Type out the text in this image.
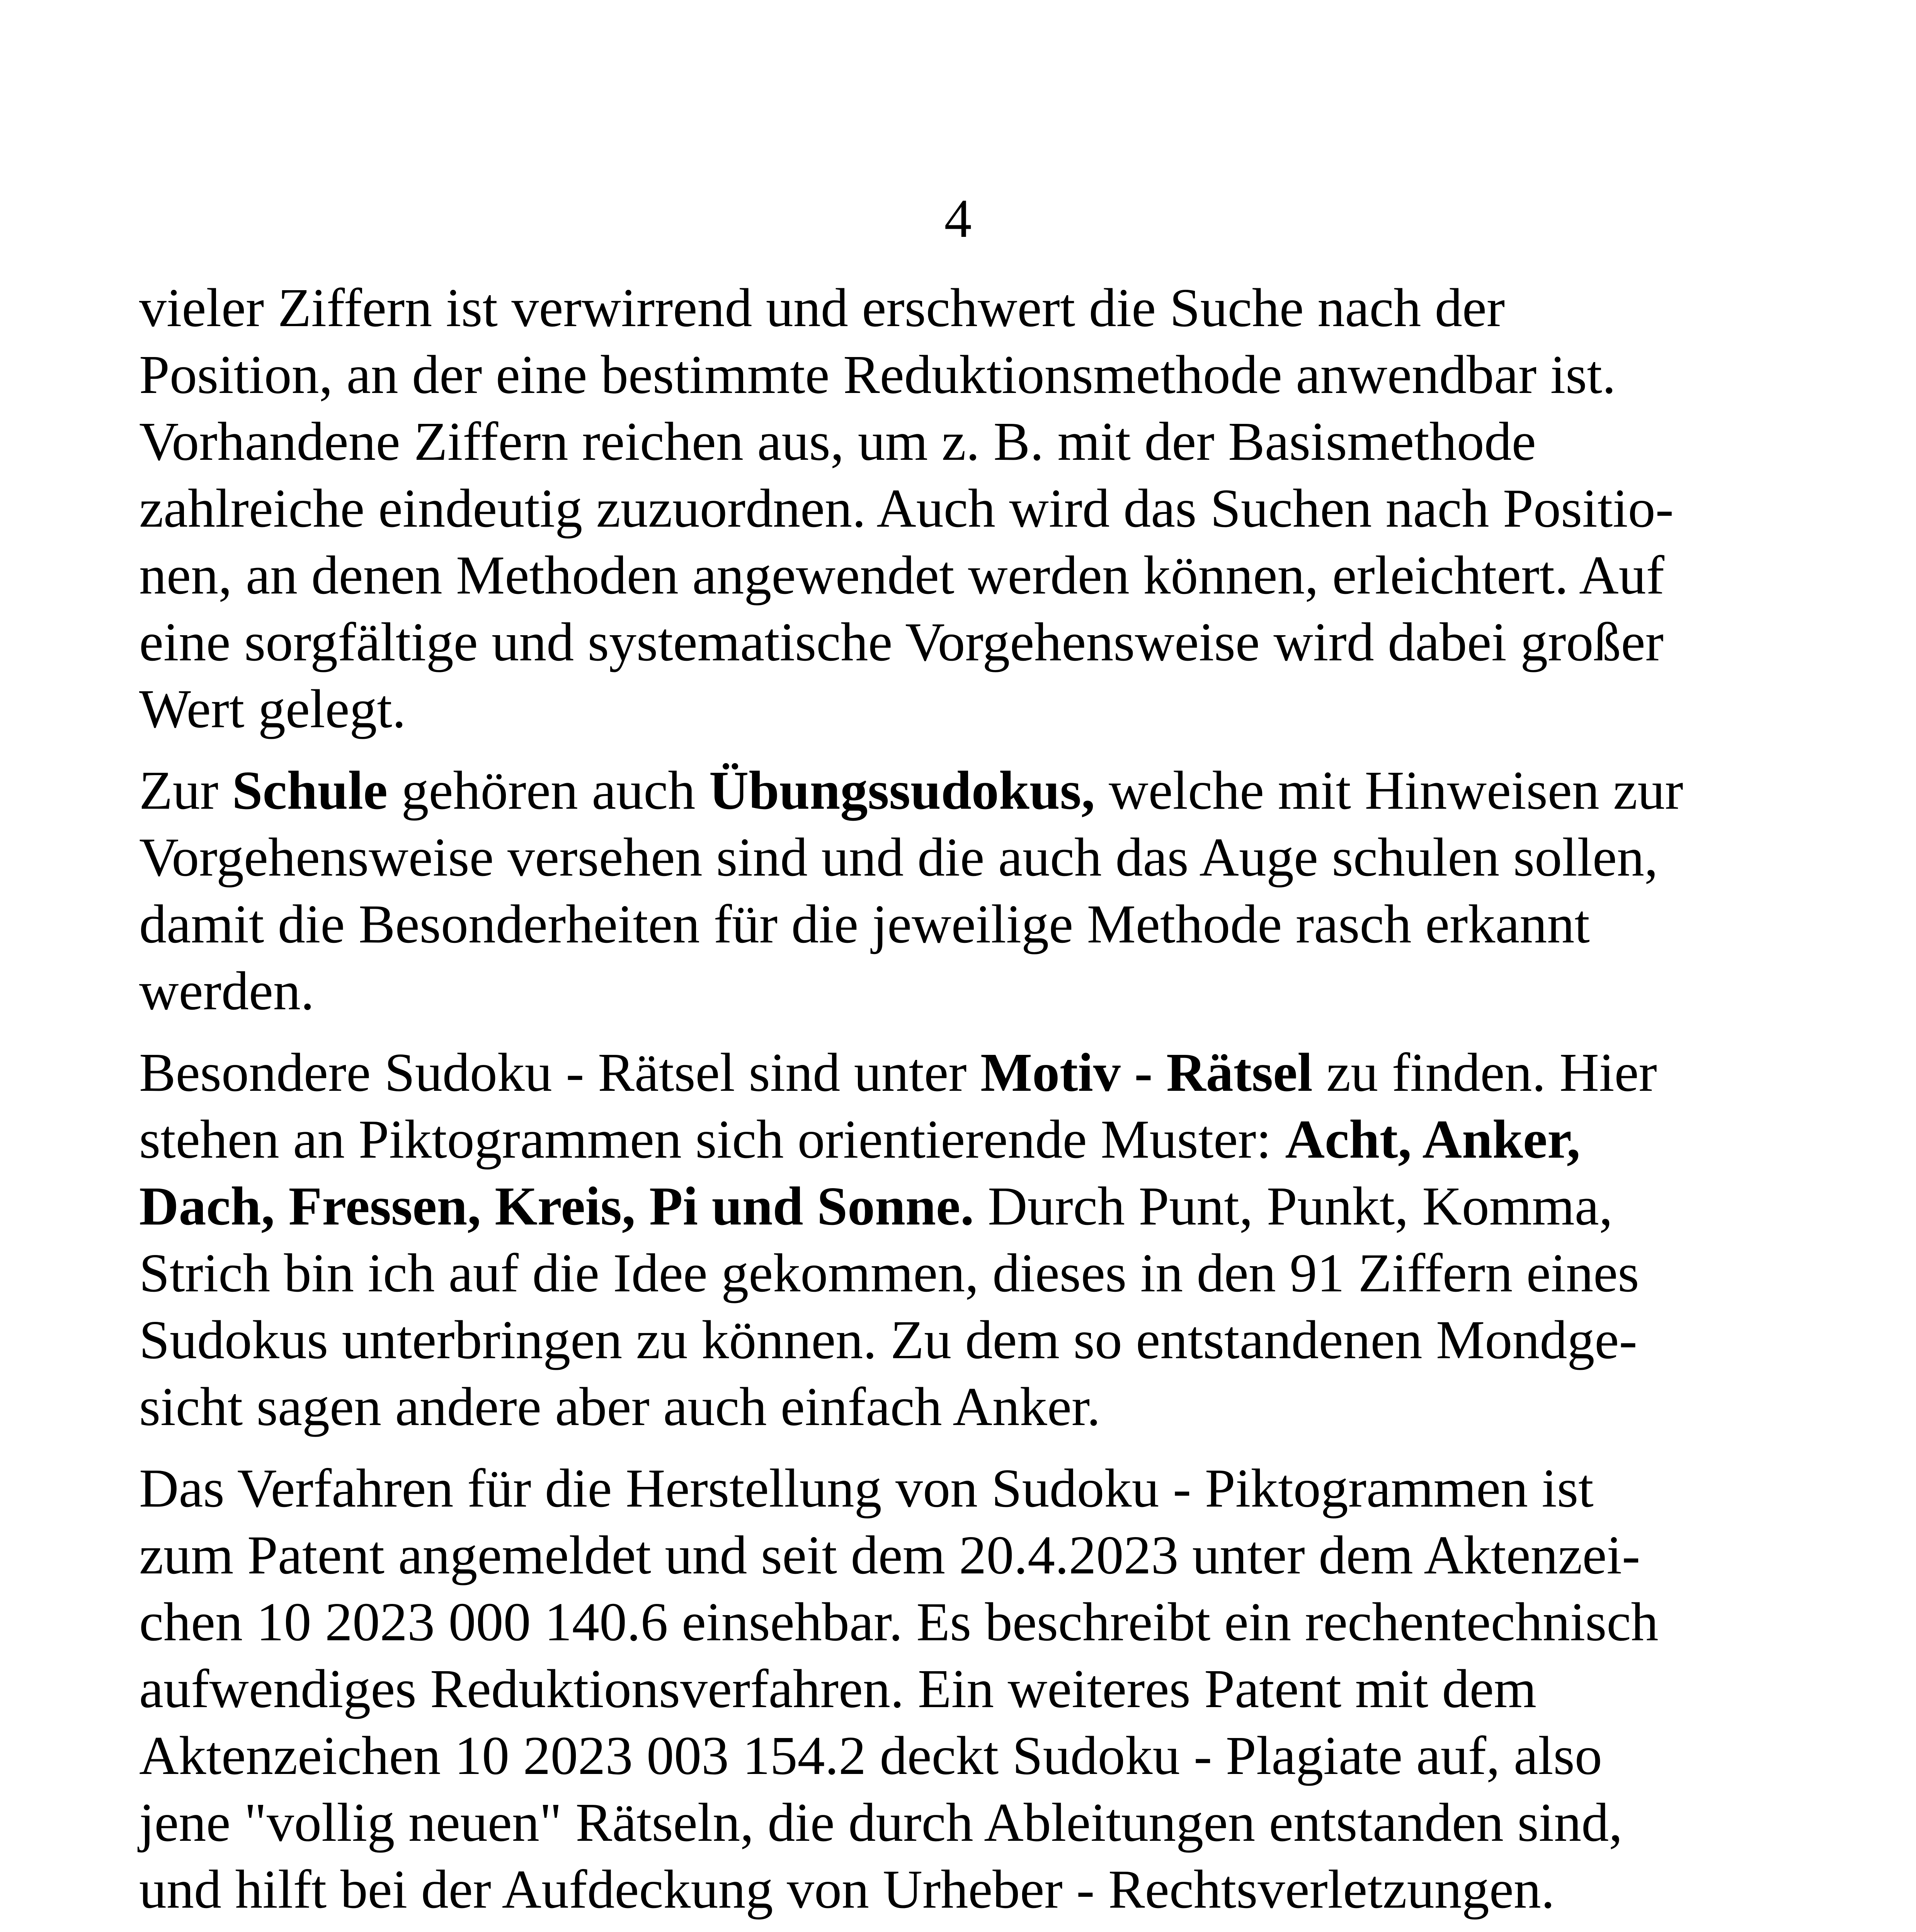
4

vieler Ziffern ist verwirrend und erschwert die Suche nach der
Position, an der eine bestimmte Reduktionsmethode anwendbar ist.
Vorhandene Ziffern reichen aus, um z. B. mit der Basismethode
zahlreiche eindeutig zuzuordnen. Auch wird das Suchen nach Positio-
nen, an denen Methoden angewendet werden können, erleichtert. Auf
eine sorgfältige und systematische Vorgehensweise wird dabei großer
Wert gelegt.

Zur Schule gehören auch Übungssudokus, welche mit Hinweisen zur
Vorgehensweise versehen sind und die auch das Auge schulen sollen,
damit die Besonderheiten für die jeweilige Methode rasch erkannt
werden.

Besondere Sudoku - Rätsel sind unter Motiv - Rätsel zu finden. Hier
stehen an Piktogrammen sich orientierende Muster: Acht, Anker,
Dach, Fressen, Kreis, Pi und Sonne. Durch Punt, Punkt, Komma,
Strich bin ich auf die Idee gekommen, dieses in den 91 Ziffern eines
Sudokus unterbringen zu können. Zu dem so entstandenen Mondge-
sicht sagen andere aber auch einfach Anker.

Das Verfahren für die Herstellung von Sudoku - Piktogrammen ist
zum Patent angemeldet und seit dem 20.4.2023 unter dem Aktenzei-
chen 10 2023 000 140.6 einsehbar. Es beschreibt ein rechentechnisch
aufwendiges Reduktionsverfahren. Ein weiteres Patent mit dem
Aktenzeichen 10 2023 003 154.2 deckt Sudoku - Plagiate auf, also
jene "vollig neuen" Rätseln, die durch Ableitungen entstanden sind,
und hilft bei der Aufdeckung von Urheber - Rechtsverletzungen.
